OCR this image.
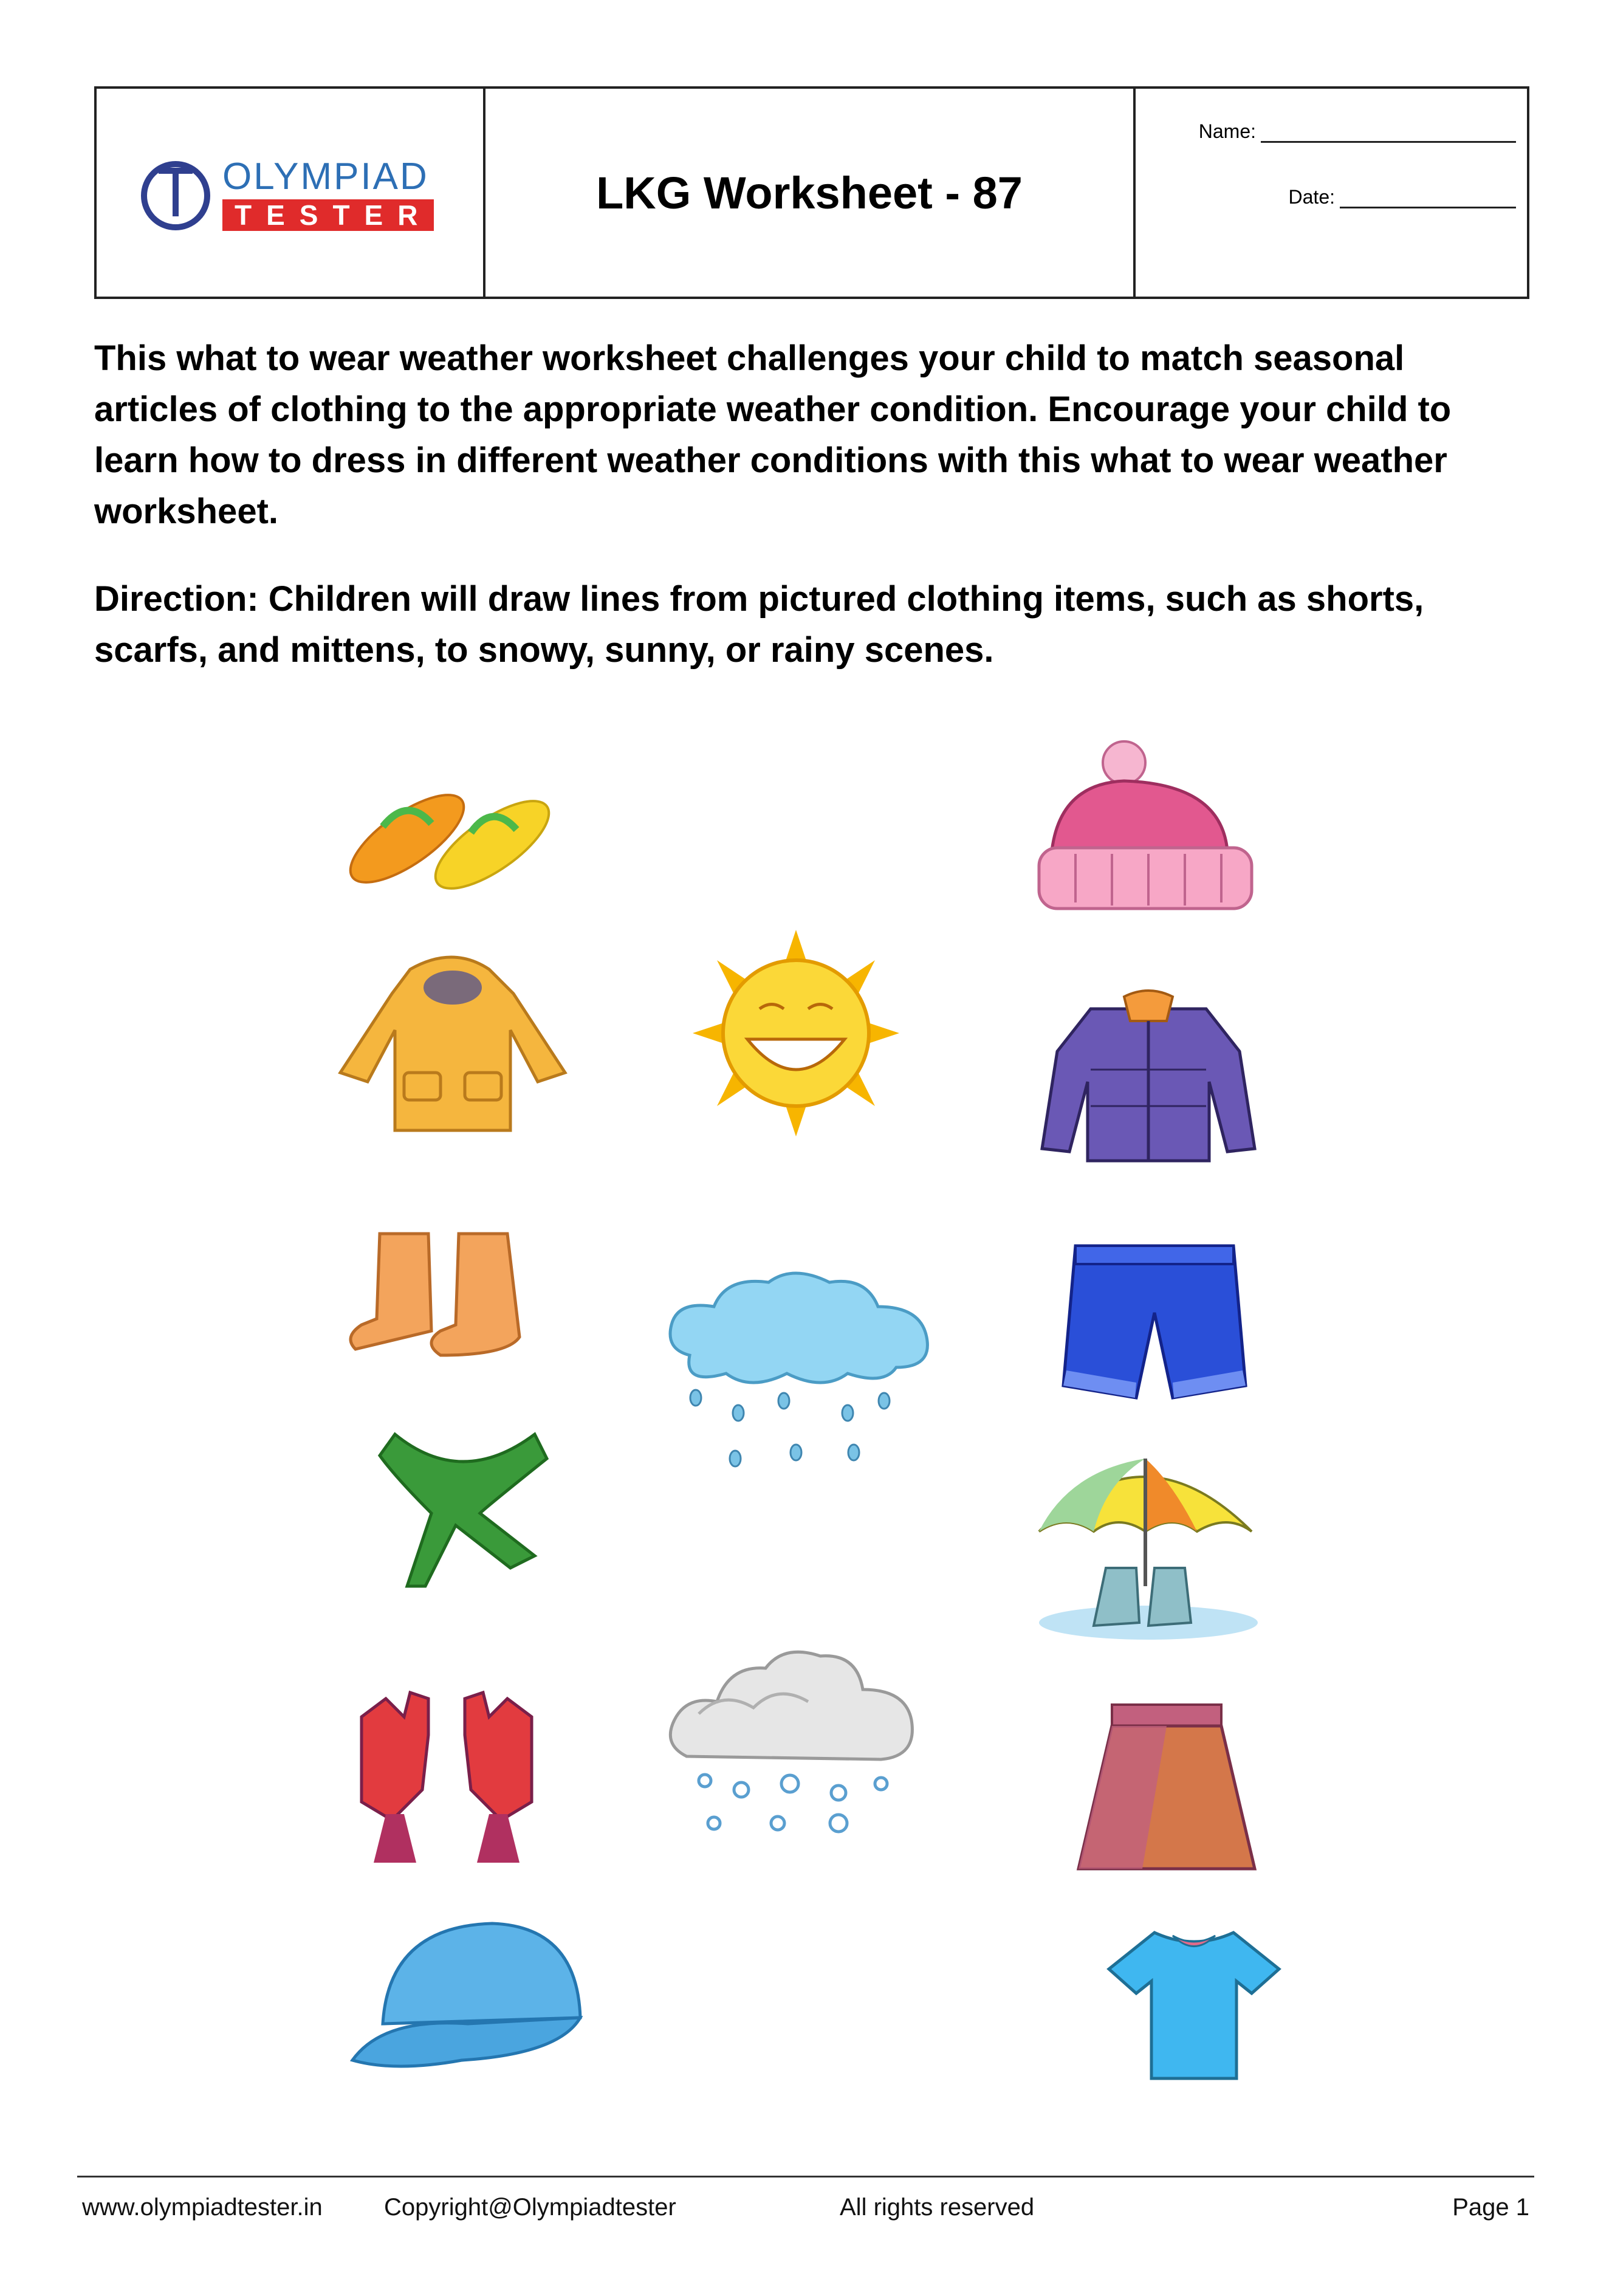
OLYMPIAD
TESTER	LKG Worksheet - 87
Name:
Date:

This what to wear weather worksheet challenges your child to match seasonal articles of clothing to the appropriate weather condition. Encourage your child to learn how to dress in different weather conditions with this what to wear weather worksheet.

Direction: Children will draw lines from pictured clothing items, such as shorts, scarfs, and mittens, to snowy, sunny, or rainy scenes.

www.olympiadtester.in	Copyright@Olympiadtester	All rights reserved	Page 1
